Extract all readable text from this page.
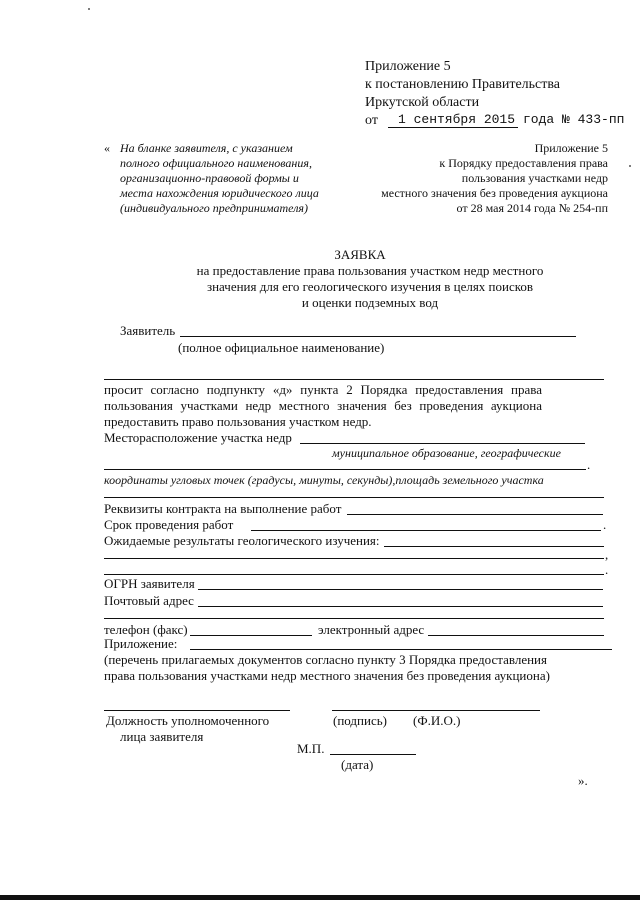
Приложение 5
к постановлению Правительства
Иркутской области
от 1 сентября 2015 года № 433-пп
« На бланке заявителя, с указанием
полного официального наименования,
организационно-правовой формы и
места нахождения юридического лица
(индивидуального предпринимателя)
Приложение 5
к Порядку предоставления права
пользования участками недр
местного значения без проведения аукциона
от 28 мая 2014 года № 254-пп
ЗАЯВКА
на предоставление права пользования участком недр местного
значения для его геологического изучения в целях поисков
и оценки подземных вод
Заявитель
(полное официальное наименование)
просит согласно подпункту «д» пункта 2 Порядка предоставления права
пользования участками недр местного значения без проведения аукциона
предоставить право пользования участком недр.
Месторасположение участка недр
муниципальное образование, географические
.
координаты угловых точек (градусы, минуты, секунды),площадь земельного участка
Реквизиты контракта на выполнение работ
Срок проведения работ	.
Ожидаемые результаты геологического изучения:
,
.
ОГРН заявителя
Почтовый адрес
телефон (факс)	электронный адрес
Приложение:
(перечень прилагаемых документов согласно пункту 3 Порядка предоставления
права пользования участками недр местного значения без проведения аукциона)
Должность уполномоченного
лица заявителя
(подпись) (Ф.И.О.)
М.П.
(дата)
».
